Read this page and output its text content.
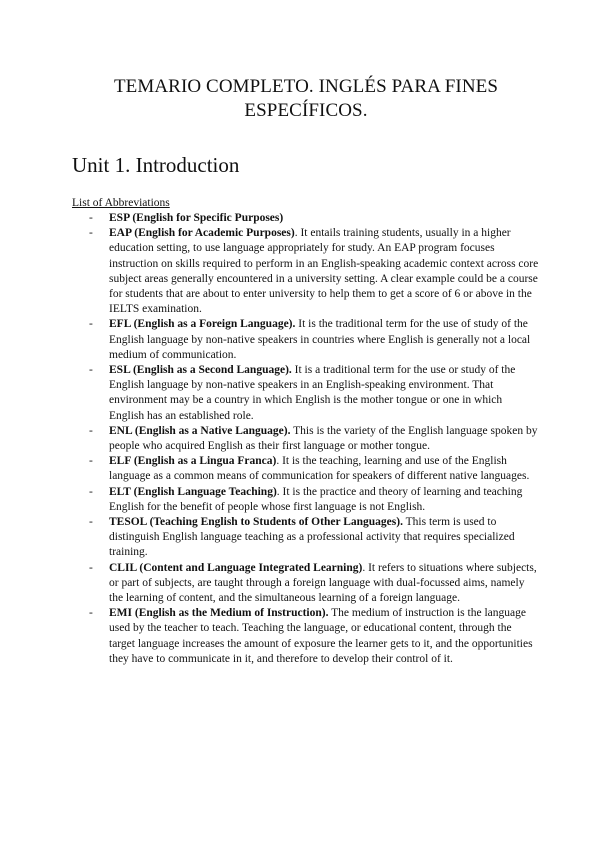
TEMARIO COMPLETO. INGLÉS PARA FINES ESPECÍFICOS.
Unit 1. Introduction
List of Abbreviations
- ESP (English for Specific Purposes)
- EAP (English for Academic Purposes). It entails training students, usually in a higher education setting, to use language appropriately for study. An EAP program focuses instruction on skills required to perform in an English-speaking academic context across core subject areas generally encountered in a university setting. A clear example could be a course for students that are about to enter university to help them to get a score of 6 or above in the IELTS examination.
- EFL (English as a Foreign Language). It is the traditional term for the use of study of the English language by non-native speakers in countries where English is generally not a local medium of communication.
- ESL (English as a Second Language). It is a traditional term for the use or study of the English language by non-native speakers in an English-speaking environment. That environment may be a country in which English is the mother tongue or one in which English has an established role.
- ENL (English as a Native Language). This is the variety of the English language spoken by people who acquired English as their first language or mother tongue.
- ELF (English as a Lingua Franca). It is the teaching, learning and use of the English language as a common means of communication for speakers of different native languages.
- ELT (English Language Teaching). It is the practice and theory of learning and teaching English for the benefit of people whose first language is not English.
- TESOL (Teaching English to Students of Other Languages). This term is used to distinguish English language teaching as a professional activity that requires specialized training.
- CLIL (Content and Language Integrated Learning). It refers to situations where subjects, or part of subjects, are taught through a foreign language with dual-focussed aims, namely the learning of content, and the simultaneous learning of a foreign language.
- EMI (English as the Medium of Instruction). The medium of instruction is the language used by the teacher to teach. Teaching the language, or educational content, through the target language increases the amount of exposure the learner gets to it, and the opportunities they have to communicate in it, and therefore to develop their control of it.
